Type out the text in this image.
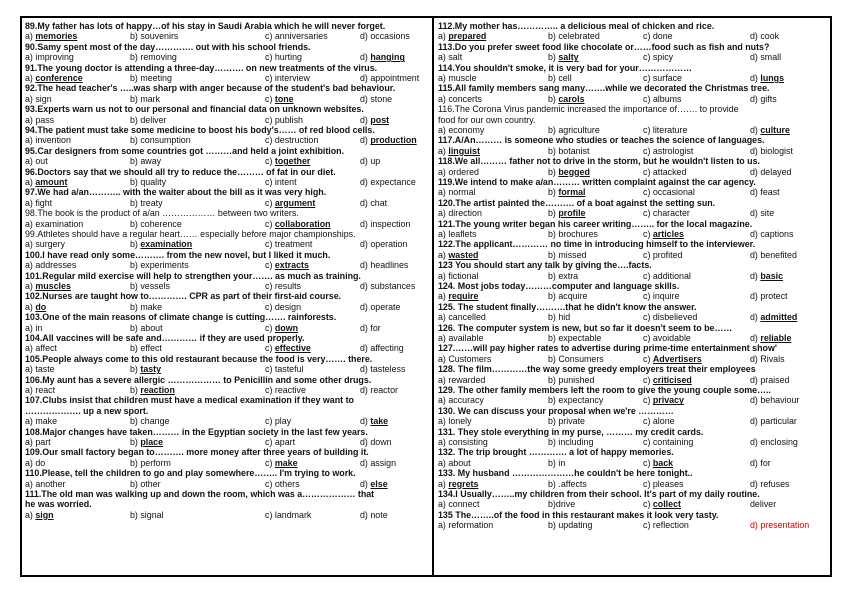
89.My father has lots of happy…of his stay in Saudi Arabia which he will never forget.
a) memories	b) souvenirs	c) anniversaries	d) occasions
90.Samy spent most of the day…………. out with his school friends.
a) improving	b) removing	c) hurting	d) hanging
91.The young doctor is attending a three-day………. on new treatments of the virus.
a) conference	b) meeting	c) interview	d) appointment
92.The head teacher's …..was sharp with anger because of the student's bad behaviour.
a) sign	b) mark	c) tone	d) stone
93.Experts warn us not to our personal and financial data on unknown websites.
a) pass	b) deliver	c) publish	d) post
94.The patient must take some medicine to boost his body's…… of red blood cells.
a) invention	b) consumption	c) destruction	d) production
95.Car designers from some countries got ………and held a joint exhibition.
a) out	b) away	c) together	d) up
96.Doctors say that we should all try to reduce the……… of fat in our diet.
a) amount	b) quality	c) intent	d) expectance
97.We had a/an……….. with the waiter about the bill as it was very high.
a) fight	b) treaty	c) argument	d) chat
98.The book is the product of a/an ……………… between two writers.
a) examination	b) coherence	c) collaboration	d) inspection
99.Athletes should have a regular heart…… especially before major championships.
a) surgery	b) examination	c) treatment	d) operation
100.I have read only some………. from the new novel, but I liked it much.
a) addresses	b) experiments	c) extracts	d) headlines
101.Regular mild exercise will help to strengthen your……. as much as training.
a) muscles	b) vessels	c) results	d) substances
102.Nurses are taught how to…………. CPR as part of their first-aid course.
a) do	b) make	c) design	d) operate
103.One of the main reasons of climate change is cutting……. rainforests.
a) in	b) about	c) down	d) for
104.All vaccines will be safe and………… if they are used properly.
a) affect	b) effect	c) effective	d) affecting
105.People always come to this old restaurant because the food is very……. there.
a) taste	b) tasty	c) tasteful	d) tasteless
106.My aunt has a severe allergic ……………… to Penicillin and some other drugs.
a) react	b) reaction	c) reactive	d) reactor
107.Clubs insist that children must have a medical examination if they want to
………………. up a new sport.
a) make	b) change	c) play	d) take
108.Major changes have taken……… in the Egyptian society in the last few years.
a) part	b) place	c) apart	d) down
109.Our small factory began to………. more money after three years of building it.
a) do	b) perform	c) make	d) assign
110.Please, tell the children to go and play somewhere…….. I'm trying to work.
a) another	b) other	c) others	d) else
111.The old man was walking up and down the room, which was a……………… that
he was worried.
a) sign	b) signal	c) landmark	d) note
112.My mother has………….. a delicious meal of chicken and rice.
a) prepared	b) celebrated	c) done	d) cook
113.Do you prefer sweet food like chocolate or……food such as fish and nuts?
a) salt	b) salty	c) spicy	d) small
114.You shouldn't smoke, it is very bad for your………………
a) muscle	b) cell	c) surface	d) lungs
115.All family members sang many…….while we decorated the Christmas tree.
a) concerts	b) carols	c) albums	d) gifts
116.The Corona Virus pandemic increased the importance of……. to provide
food for our own country.
a) economy	b) agriculture	c) literature	d) culture
117.A/An……… is someone who studies or teaches the science of languages.
a) linguist	b) botanist	c) astrologist	d) biologist
118.We all……… father not to drive in the storm, but he wouldn't listen to us.
a) ordered	b) begged	c) attacked	d) delayed
119.We intend to make a/an……… written complaint against the car agency.
a) normal	b) formal	c) occasional	d) feast
120.The artist painted the………. of a boat against the setting sun.
a) direction	b) profile	c) character	d) site
121.The young writer began his career writing…….. for the local magazine.
a) leaflets	b) brochures	c) articles	d) captions
122.The applicant………… no time in introducing himself to the interviewer.
a) wasted	b) missed	c) profited	d) benefited
123 You should start any talk by giving the….facts.
a) fictional	b) extra	c) additional	d) basic
124. Most jobs today………computer and language skills.
a) require	b) acquire	c) inquire	d) protect
125. The student finally……….that he didn't know the answer.
a) cancelled	b) hid	c) disbelieved	d) admitted
126. The computer system is new, but so far it doesn't seem to be……
a) available	b) expectable	c) avoidable	d) reliable
127.……will pay higher rates to advertise during prime-time entertainment show'
a) Customers	b) Consumers	c) Advertisers	d) Rivals
128. The film…………the way some greedy employers treat their employees
a) rewarded	b) punished	c) criticised	d) praised
129. The other family members left the room to give the young couple some…..
a) accuracy	b) expectancy	c) privacy	d) behaviour
130. We can discuss your proposal when we're …………
a) lonely	b) private	c) alone	d) particular
131. They stole everything in my purse, ……… my credit cards.
a) consisting	b) including	c) containing	d) enclosing
132. The trip brought …………. a lot of happy memories.
a) about	b) in	c) back	d) for
133. My husband …………………he couldn't be here tonight..
a) regrets	b) .affects	c) pleases	d) refuses
134.I Usually……..my children from their school. It's part of my daily routine.
a) connect	b)drive	c) collect	deliver
135 The……..of the food in this restaurant makes it look very tasty.
a) reformation	b) updating	c) reflection	d) presentation
